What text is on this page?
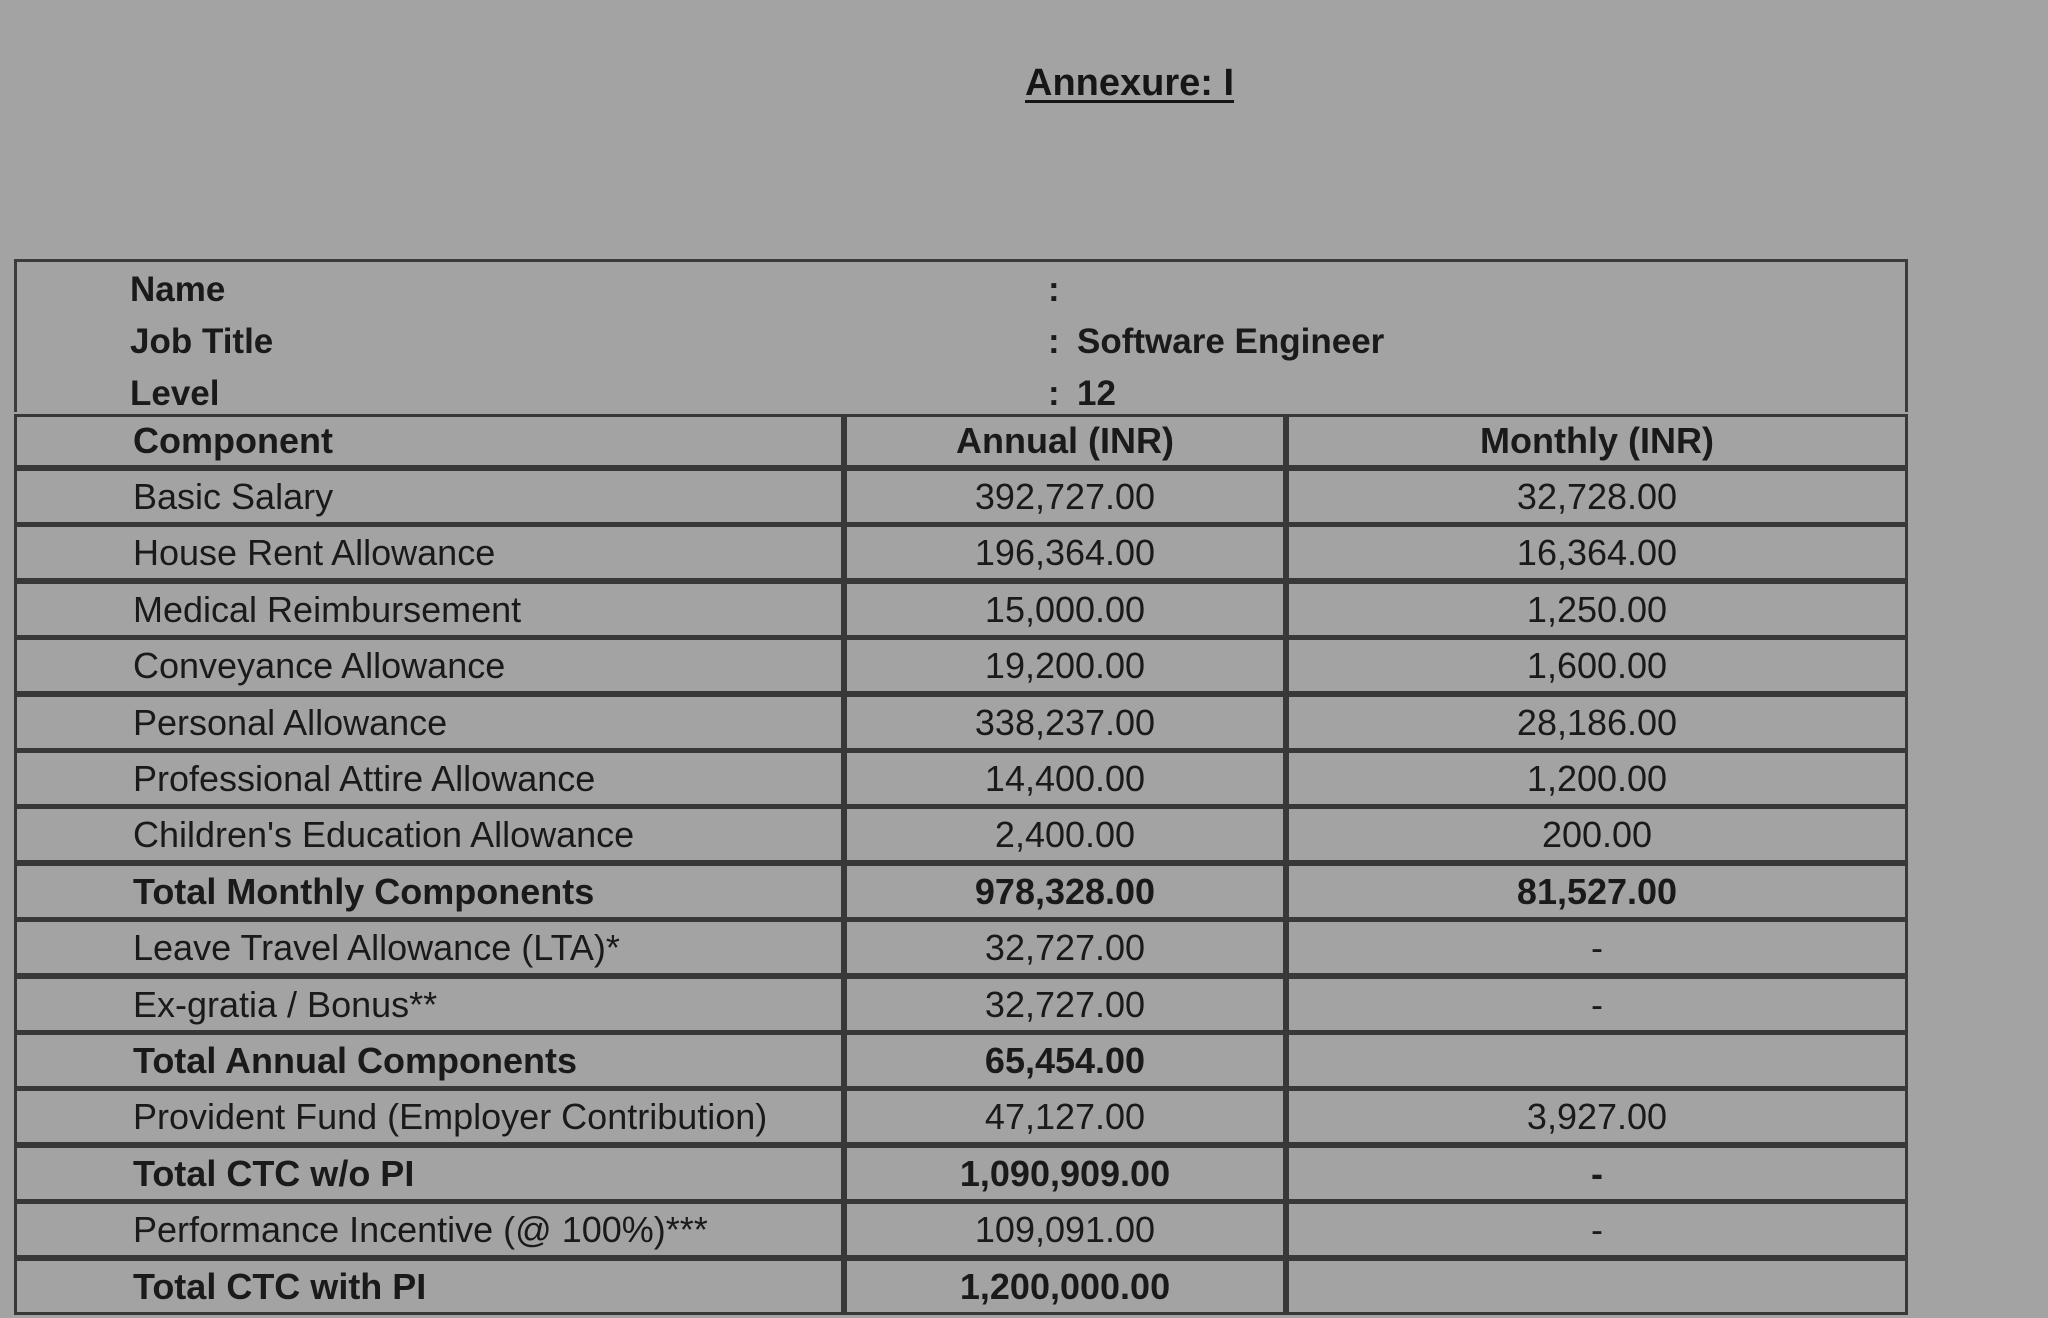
Annexure: I
Name	:
Job Title	: Software Engineer
Level	: 12
Component	Annual (INR)	Monthly (INR)
Basic Salary	392,727.00	32,728.00
House Rent Allowance	196,364.00	16,364.00
Medical Reimbursement	15,000.00	1,250.00
Conveyance Allowance	19,200.00	1,600.00
Personal Allowance	338,237.00	28,186.00
Professional Attire Allowance	14,400.00	1,200.00
Children's Education Allowance	2,400.00	200.00
Total Monthly Components	978,328.00	81,527.00
Leave Travel Allowance (LTA)*	32,727.00	-
Ex-gratia / Bonus**	32,727.00	-
Total Annual Components	65,454.00
Provident Fund (Employer Contribution)	47,127.00	3,927.00
Total CTC w/o PI	1,090,909.00	-
Performance Incentive (@ 100%)***	109,091.00	-
Total CTC with PI	1,200,000.00
